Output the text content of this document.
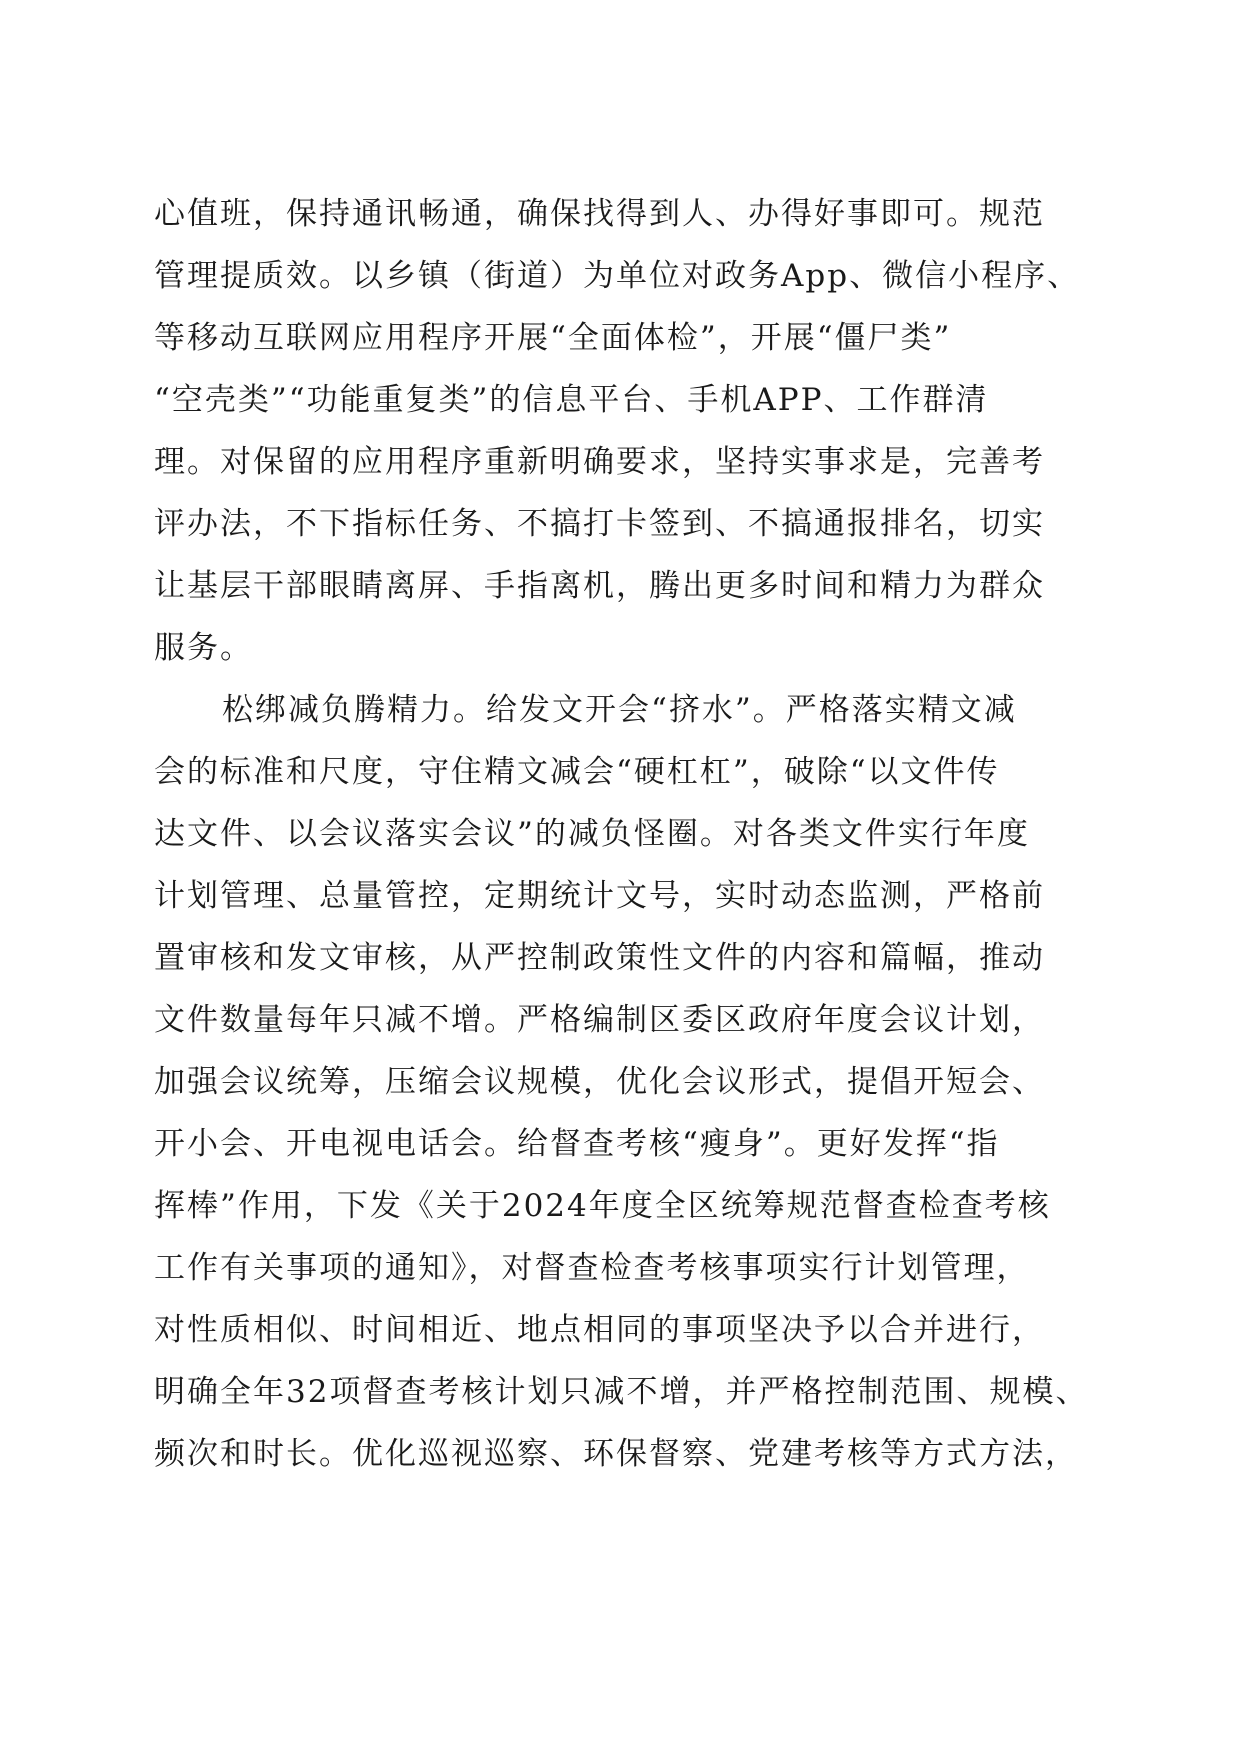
心值班，保持通讯畅通，确保找得到人、办得好事即可。规范
管理提质效。以乡镇（街道）为单位对政务App、微信小程序、
等移动互联网应用程序开展“全面体检”，开展“僵尸类”
“空壳类”“功能重复类”的信息平台、手机APP、工作群清
理。对保留的应用程序重新明确要求，坚持实事求是，完善考
评办法，不下指标任务、不搞打卡签到、不搞通报排名，切实
让基层干部眼睛离屏、手指离机，腾出更多时间和精力为群众
服务。
松绑减负腾精力。给发文开会“挤水”。严格落实精文减
会的标准和尺度，守住精文减会“硬杠杠”，破除“以文件传
达文件、以会议落实会议”的减负怪圈。对各类文件实行年度
计划管理、总量管控，定期统计文号，实时动态监测，严格前
置审核和发文审核，从严控制政策性文件的内容和篇幅，推动
文件数量每年只减不增。严格编制区委区政府年度会议计划，
加强会议统筹，压缩会议规模，优化会议形式，提倡开短会、
开小会、开电视电话会。给督查考核“瘦身”。更好发挥“指
挥棒”作用，下发《关于2024年度全区统筹规范督查检查考核
工作有关事项的通知》，对督查检查考核事项实行计划管理，
对性质相似、时间相近、地点相同的事项坚决予以合并进行，
明确全年32项督查考核计划只减不增，并严格控制范围、规模、
频次和时长。优化巡视巡察、环保督察、党建考核等方式方法，
